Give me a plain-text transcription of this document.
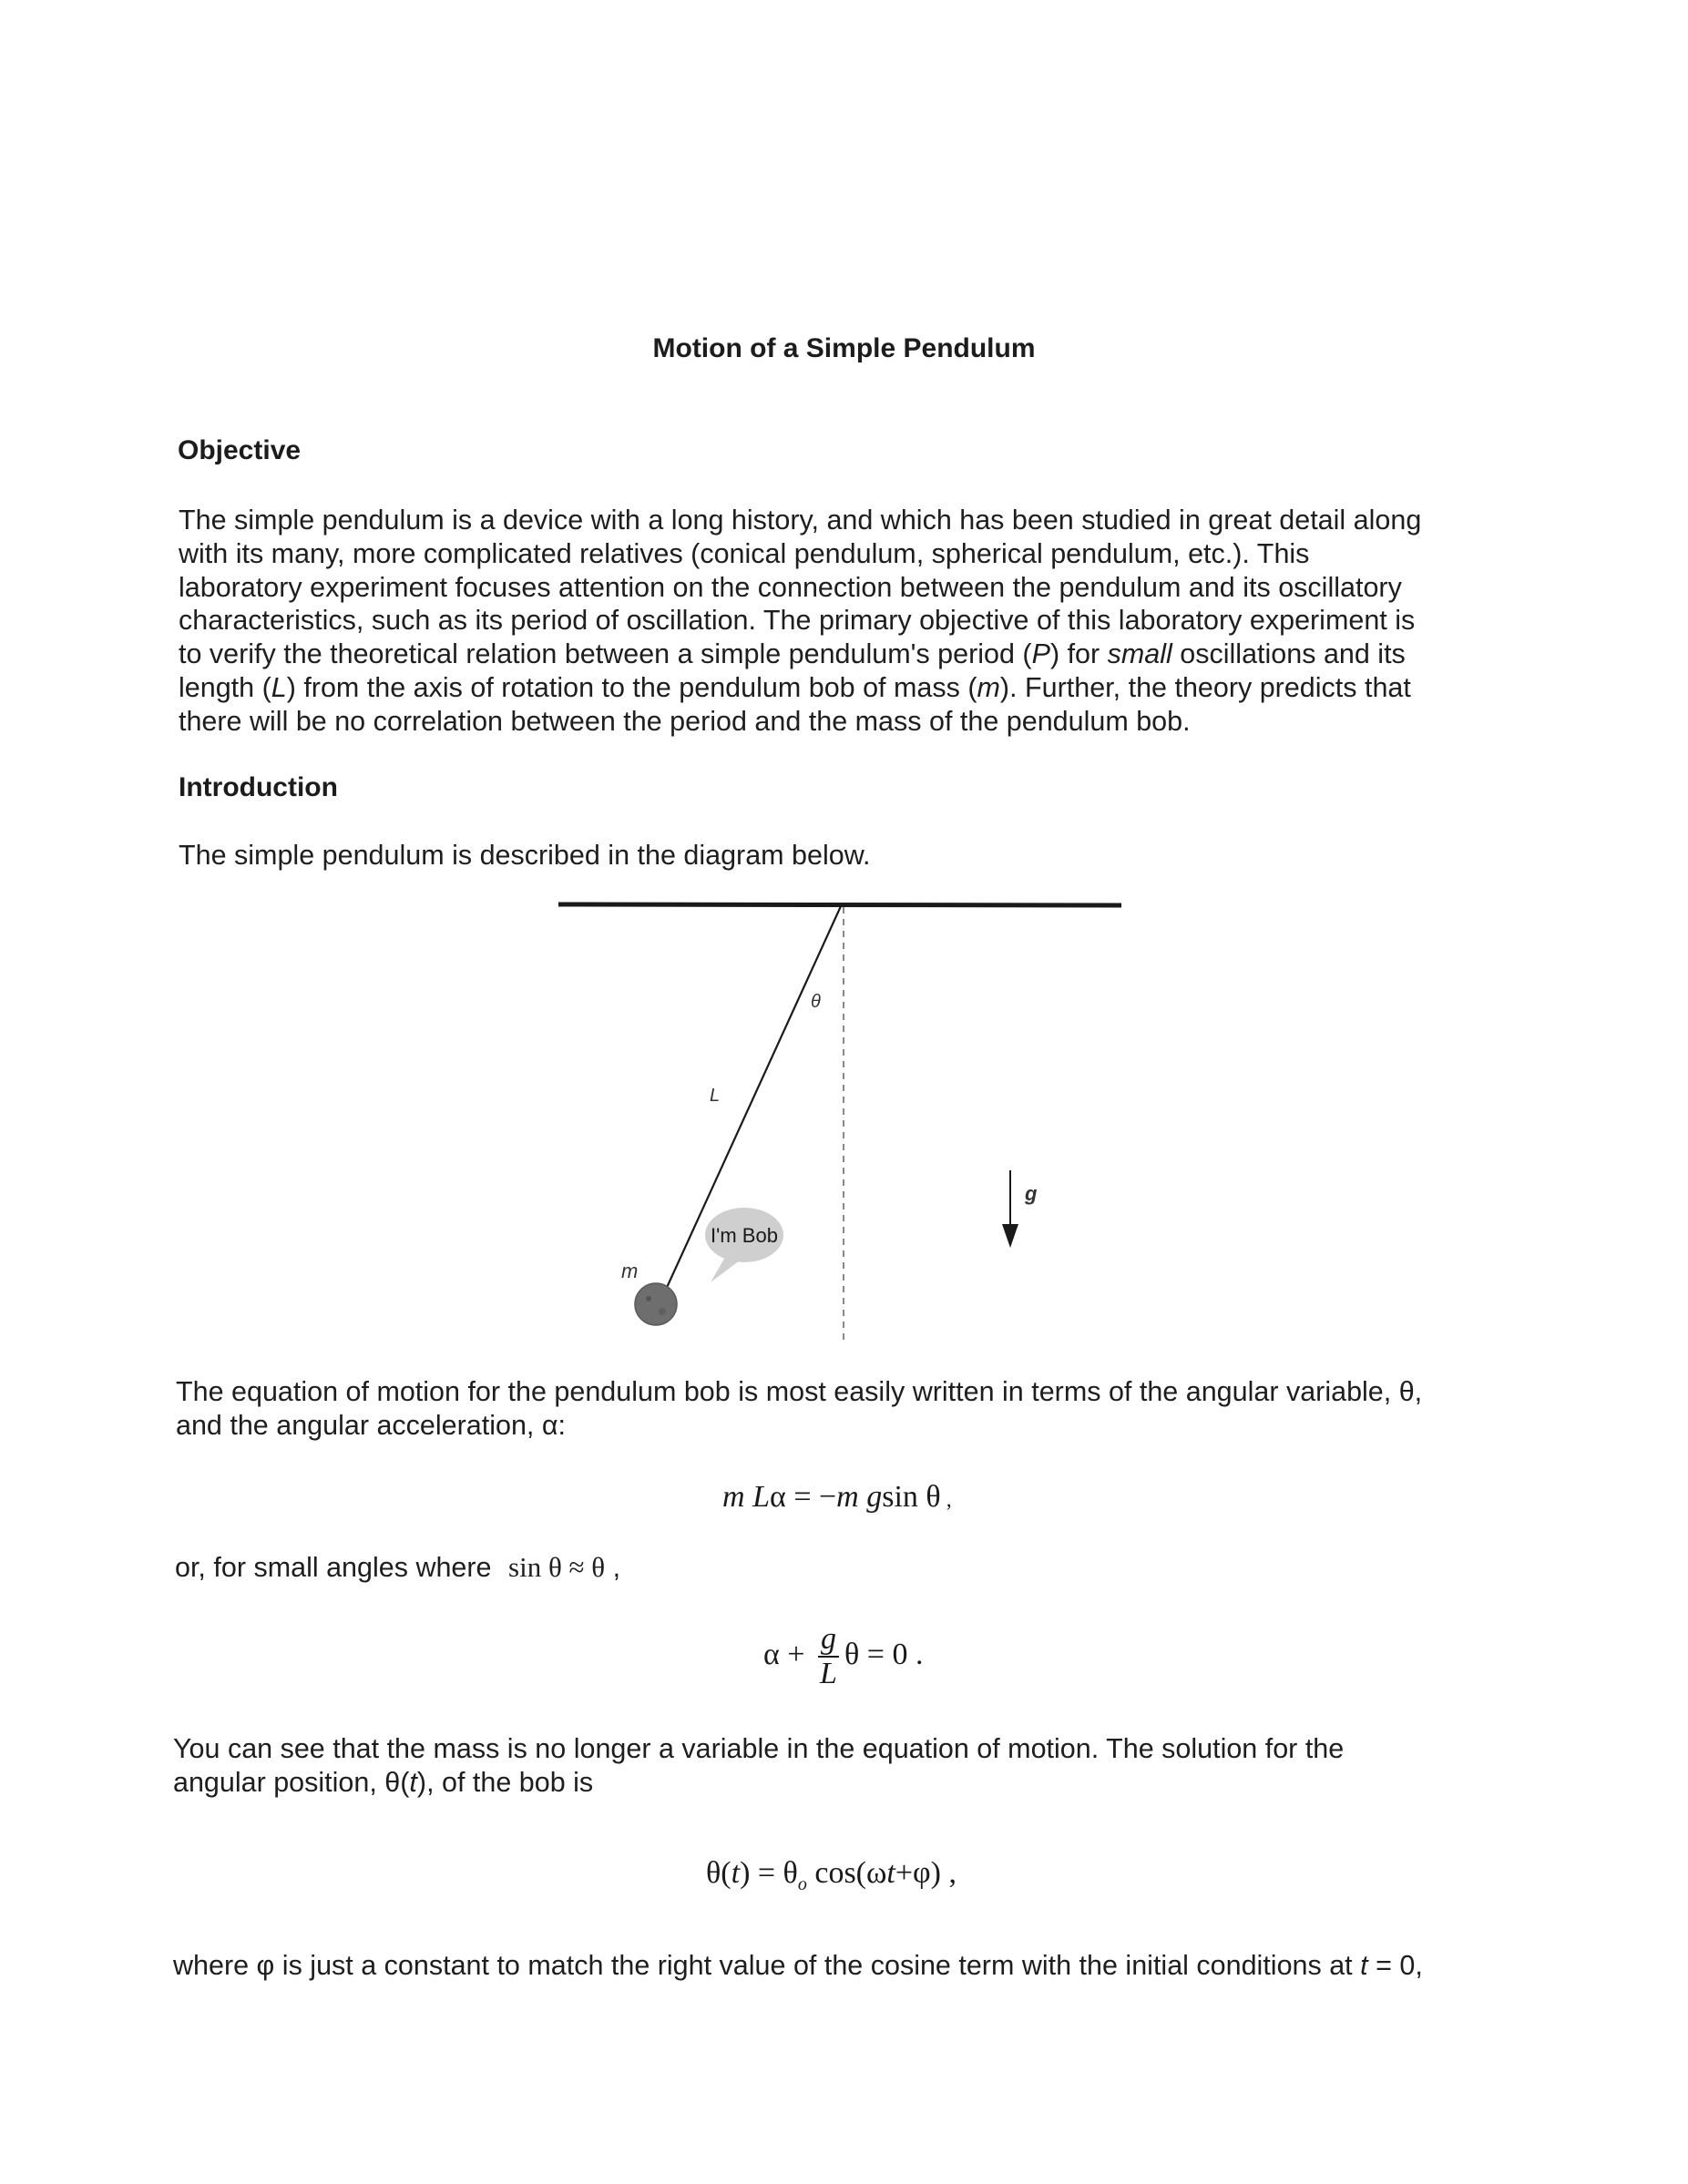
Motion of a Simple Pendulum
Objective
The simple pendulum is a device with a long history, and which has been studied in great detail along
with its many, more complicated relatives (conical pendulum, spherical pendulum, etc.). This
laboratory experiment focuses attention on the connection between the pendulum and its oscillatory
characteristics, such as its period of oscillation. The primary objective of this laboratory experiment is
to verify the theoretical relation between a simple pendulum's period (P) for small oscillations and its
length (L) from the axis of rotation to the pendulum bob of mass (m). Further, the theory predicts that
there will be no correlation between the period and the mass of the pendulum bob.
Introduction
The simple pendulum is described in the diagram below.
I'm Bob
θ
L
m
g
The equation of motion for the pendulum bob is most easily written in terms of the angular variable, θ,
and the angular acceleration, α:
m Lα = −m gsin θ ,
or, for small angles where sin θ ≈ θ ,
$\alpha + \frac{g}{L}$ θ = 0 .
You can see that the mass is no longer a variable in the equation of motion. The solution for the
angular position, θ(t), of the bob is
$\theta(t) = \theta_o$ cos(ωt+φ) ,
where φ is just a constant to match the right value of the cosine term with the initial conditions at t = 0,
